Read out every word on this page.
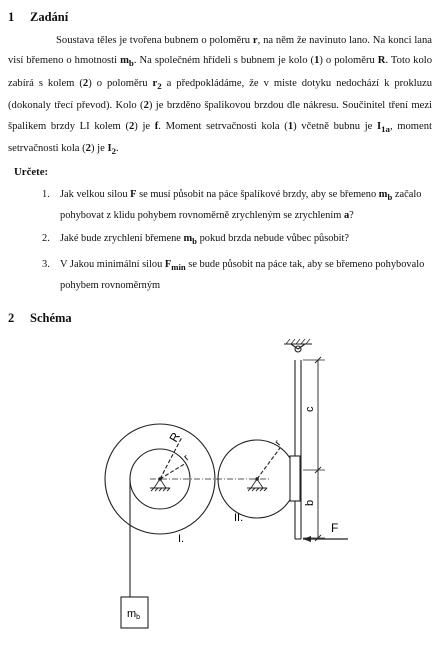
1 Zadání
Soustava těles je tvořena bubnem o poloměru r, na něm že navinuto lano. Na konci lana visí břemeno o hmotnosti $m_b$. Na společném hřídeli s bubnem je kolo (1) o poloměru R. Toto kolo zabírá s kolem (2) o poloměru $r_2$ a předpokládáme, že v miste dotyku nedochází k prokluzu (dokonaly třecí převod). Kolo (2) je brzděno špalikovou brzdou dle nákresu. Součinitel tření mezi špalikem brzdy LI kolem (2) je f. Moment setrvačnosti kola (1) včetně bubnu je $I_{1a}$, moment setrvačnosti kola (2) je $I_2$.
Určete:
1. Jak velkou silou F se musí působit na páce špalíkové brzdy, aby se břemeno $m_b$ začalo pohybovat z klidu pohybem rovnoměrně zrychleným se zrychlením a?
2. Jaké bude zrychlení břemene $m_b$ pokud brzda nebude vůbec působit?
3. V Jakou minimální silou $F_{min}$ se bude působit na páce tak, aby se břemeno pohybovalo pohybem rovnoměrným
2 Schéma
R
r
r
I.
II.
c
b
F
mb
